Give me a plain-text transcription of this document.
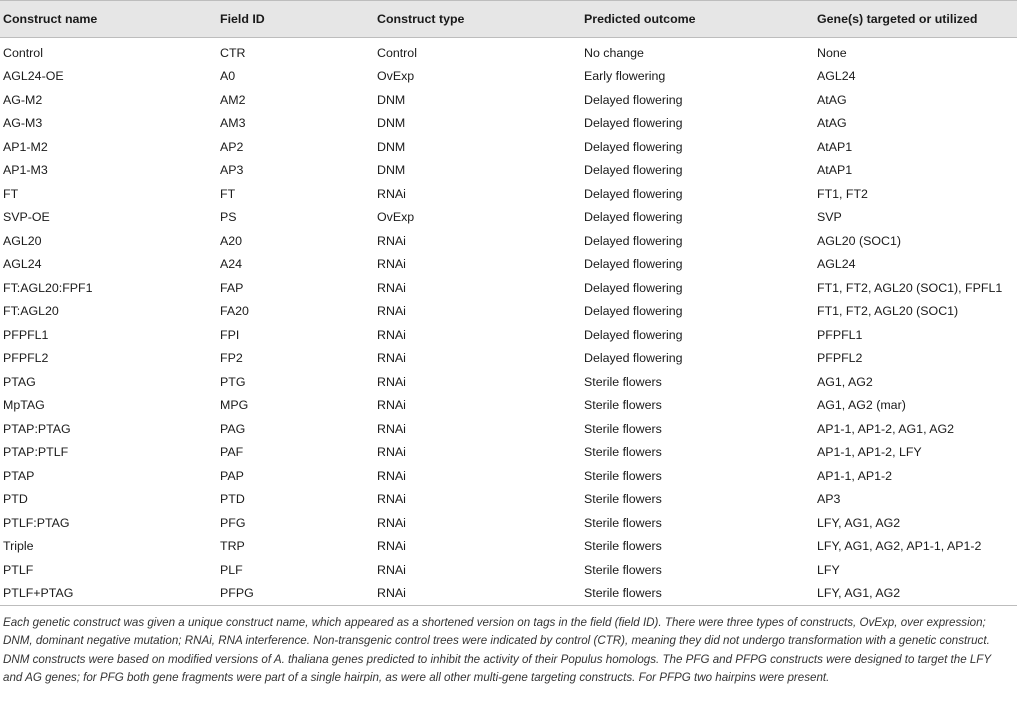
Construct name	Field ID	Construct type	Predicted outcome	Gene(s) targeted or utilized
Control	CTR	Control	No change	None
AGL24-OE	A0	OvExp	Early flowering	AGL24
AG-M2	AM2	DNM	Delayed flowering	AtAG
AG-M3	AM3	DNM	Delayed flowering	AtAG
AP1-M2	AP2	DNM	Delayed flowering	AtAP1
AP1-M3	AP3	DNM	Delayed flowering	AtAP1
FT	FT	RNAi	Delayed flowering	FT1, FT2
SVP-OE	PS	OvExp	Delayed flowering	SVP
AGL20	A20	RNAi	Delayed flowering	AGL20 (SOC1)
AGL24	A24	RNAi	Delayed flowering	AGL24
FT:AGL20:FPF1	FAP	RNAi	Delayed flowering	FT1, FT2, AGL20 (SOC1), FPFL1
FT:AGL20	FA20	RNAi	Delayed flowering	FT1, FT2, AGL20 (SOC1)
PFPFL1	FPI	RNAi	Delayed flowering	PFPFL1
PFPFL2	FP2	RNAi	Delayed flowering	PFPFL2
PTAG	PTG	RNAi	Sterile flowers	AG1, AG2
MpTAG	MPG	RNAi	Sterile flowers	AG1, AG2 (mar)
PTAP:PTAG	PAG	RNAi	Sterile flowers	AP1-1, AP1-2, AG1, AG2
PTAP:PTLF	PAF	RNAi	Sterile flowers	AP1-1, AP1-2, LFY
PTAP	PAP	RNAi	Sterile flowers	AP1-1, AP1-2
PTD	PTD	RNAi	Sterile flowers	AP3
PTLF:PTAG	PFG	RNAi	Sterile flowers	LFY, AG1, AG2
Triple	TRP	RNAi	Sterile flowers	LFY, AG1, AG2, AP1-1, AP1-2
PTLF	PLF	RNAi	Sterile flowers	LFY
PTLF+PTAG	PFPG	RNAi	Sterile flowers	LFY, AG1, AG2

Each genetic construct was given a unique construct name, which appeared as a shortened version on tags in the field (field ID). There were three types of constructs, OvExp, over expression; DNM, dominant negative mutation; RNAi, RNA interference. Non-transgenic control trees were indicated by control (CTR), meaning they did not undergo transformation with a genetic construct. DNM constructs were based on modified versions of A. thaliana genes predicted to inhibit the activity of their Populus homologs. The PFG and PFPG constructs were designed to target the LFY and AG genes; for PFG both gene fragments were part of a single hairpin, as were all other multi-gene targeting constructs. For PFPG two hairpins were present.
